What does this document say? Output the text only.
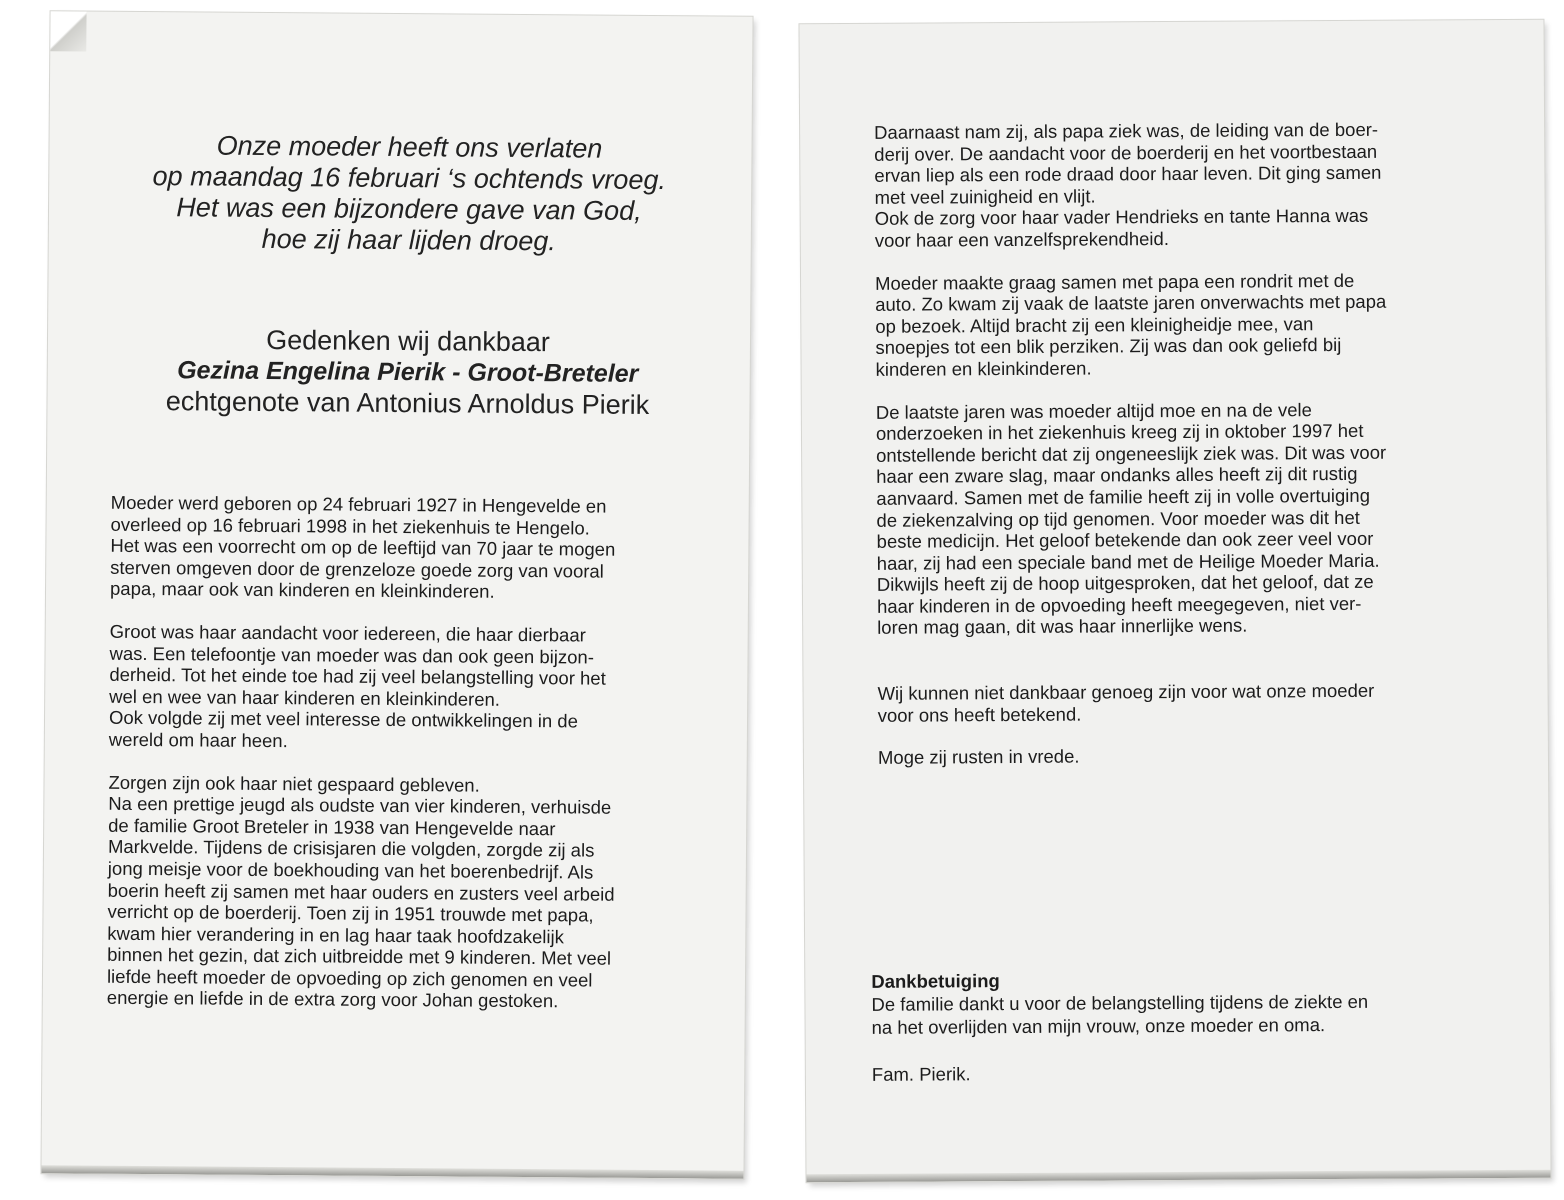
Onze moeder heeft ons verlaten
op maandag 16 februari ‘s ochtends vroeg.
Het was een bijzondere gave van God,
hoe zij haar lijden droeg.
Gedenken wij dankbaar
Gezina Engelina Pierik - Groot-Breteler
echtgenote van Antonius Arnoldus Pierik
Moeder werd geboren op 24 februari 1927 in Hengevelde en
overleed op 16 februari 1998 in het ziekenhuis te Hengelo.
Het was een voorrecht om op de leeftijd van 70 jaar te mogen
sterven omgeven door de grenzeloze goede zorg van vooral
papa, maar ook van kinderen en kleinkinderen.
Groot was haar aandacht voor iedereen, die haar dierbaar
was. Een telefoontje van moeder was dan ook geen bijzon-
derheid. Tot het einde toe had zij veel belangstelling voor het
wel en wee van haar kinderen en kleinkinderen.
Ook volgde zij met veel interesse de ontwikkelingen in de
wereld om haar heen.
Zorgen zijn ook haar niet gespaard gebleven.
Na een prettige jeugd als oudste van vier kinderen, verhuisde
de familie Groot Breteler in 1938 van Hengevelde naar
Markvelde. Tijdens de crisisjaren die volgden, zorgde zij als
jong meisje voor de boekhouding van het boerenbedrijf. Als
boerin heeft zij samen met haar ouders en zusters veel arbeid
verricht op de boerderij. Toen zij in 1951 trouwde met papa,
kwam hier verandering in en lag haar taak hoofdzakelijk
binnen het gezin, dat zich uitbreidde met 9 kinderen. Met veel
liefde heeft moeder de opvoeding op zich genomen en veel
energie en liefde in de extra zorg voor Johan gestoken.
Daarnaast nam zij, als papa ziek was, de leiding van de boer-
derij over. De aandacht voor de boerderij en het voortbestaan
ervan liep als een rode draad door haar leven. Dit ging samen
met veel zuinigheid en vlijt.
Ook de zorg voor haar vader Hendrieks en tante Hanna was
voor haar een vanzelfsprekendheid.
Moeder maakte graag samen met papa een rondrit met de
auto. Zo kwam zij vaak de laatste jaren onverwachts met papa
op bezoek. Altijd bracht zij een kleinigheidje mee, van
snoepjes tot een blik perziken. Zij was dan ook geliefd bij
kinderen en kleinkinderen.
De laatste jaren was moeder altijd moe en na de vele
onderzoeken in het ziekenhuis kreeg zij in oktober 1997 het
ontstellende bericht dat zij ongeneeslijk ziek was. Dit was voor
haar een zware slag, maar ondanks alles heeft zij dit rustig
aanvaard. Samen met de familie heeft zij in volle overtuiging
de ziekenzalving op tijd genomen. Voor moeder was dit het
beste medicijn. Het geloof betekende dan ook zeer veel voor
haar, zij had een speciale band met de Heilige Moeder Maria.
Dikwijls heeft zij de hoop uitgesproken, dat het geloof, dat ze
haar kinderen in de opvoeding heeft meegegeven, niet ver-
loren mag gaan, dit was haar innerlijke wens.
Wij kunnen niet dankbaar genoeg zijn voor wat onze moeder
voor ons heeft betekend.
Moge zij rusten in vrede.
Dankbetuiging
De familie dankt u voor de belangstelling tijdens de ziekte en
na het overlijden van mijn vrouw, onze moeder en oma.
Fam. Pierik.
